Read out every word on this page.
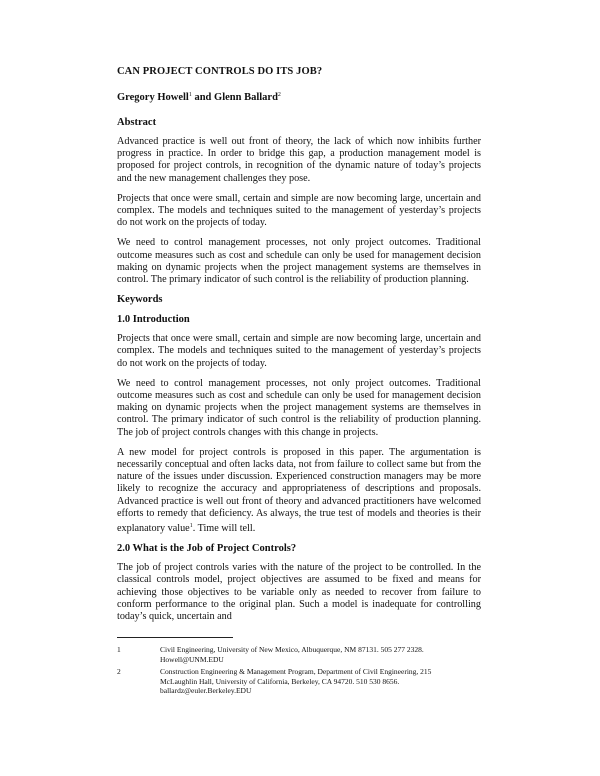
CAN PROJECT CONTROLS DO ITS JOB?
Gregory Howell$^1$ and Glenn Ballard$^2$
Abstract

Advanced practice is well out front of theory, the lack of which now inhibits further progress in practice. In order to bridge this gap, a production management model is proposed for project controls, in recognition of the dynamic nature of today’s projects and the new management challenges they pose.

Projects that once were small, certain and simple are now becoming large, uncertain and complex. The models and techniques suited to the management of yesterday’s projects do not work on the projects of today.

We need to control management processes, not only project outcomes. Traditional outcome measures such as cost and schedule can only be used for management decision making on dynamic projects when the project management systems are themselves in control. The primary indicator of such control is the reliability of production planning.

Keywords
1.0 Introduction

Projects that once were small, certain and simple are now becoming large, uncertain and complex. The models and techniques suited to the management of yesterday’s projects do not work on the projects of today.

We need to control management processes, not only project outcomes. Traditional outcome measures such as cost and schedule can only be used for management decision making on dynamic projects when the project management systems are themselves in control. The primary indicator of such control is the reliability of production planning. The job of project controls changes with this change in projects.

A new model for project controls is proposed in this paper. The argumentation is necessarily conceptual and often lacks data, not from failure to collect same but from the nature of the issues under discussion. Experienced construction managers may be more likely to recognize the accuracy and appropriateness of descriptions and proposals. Advanced practice is well out front of theory and advanced practitioners have welcomed efforts to remedy that deficiency. As always, the true test of models and theories is their explanatory value$^1$. Time will tell.

2.0 What is the Job of Project Controls?

The job of project controls varies with the nature of the project to be controlled. In the classical controls model, project objectives are assumed to be fixed and means for achieving those objectives to be variable only as needed to recover from failure to conform performance to the original plan. Such a model is inadequate for controlling today’s quick, uncertain and

1	Civil Engineering, University of New Mexico, Albuquerque, NM 87131. 505 277 2328.
Howell@UNM.EDU
2	Construction Engineering & Management Program, Department of Civil Engineering, 215
McLaughlin Hall, University of California, Berkeley, CA 94720. 510 530 8656.
ballardz@euler.Berkeley.EDU
